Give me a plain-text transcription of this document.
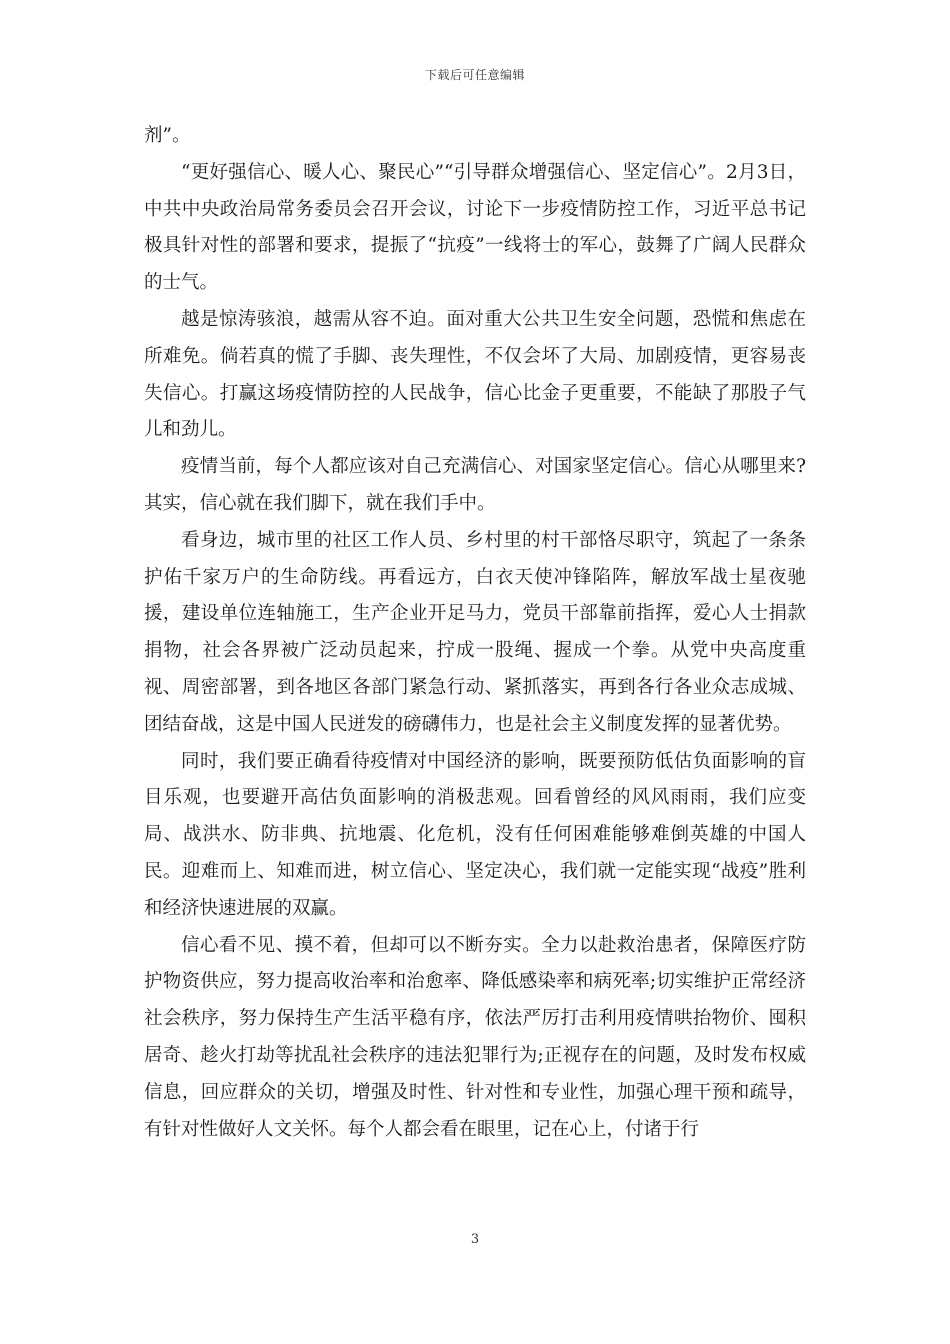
下载后可任意编辑

剂”。

“更好强信心、暖人心、聚民心”“引导群众增强信心、坚定信心”。2月3日，中共中央政治局常务委员会召开会议，讨论下一步疫情防控工作，习近平总书记极具针对性的部署和要求，提振了“抗疫”一线将士的军心，鼓舞了广阔人民群众的士气。

越是惊涛骇浪，越需从容不迫。面对重大公共卫生安全问题，恐慌和焦虑在所难免。倘若真的慌了手脚、丧失理性，不仅会坏了大局、加剧疫情，更容易丧失信心。打赢这场疫情防控的人民战争，信心比金子更重要，不能缺了那股子气儿和劲儿。

疫情当前，每个人都应该对自己充满信心、对国家坚定信心。信心从哪里来?其实，信心就在我们脚下，就在我们手中。

看身边，城市里的社区工作人员、乡村里的村干部恪尽职守，筑起了一条条护佑千家万户的生命防线。再看远方，白衣天使冲锋陷阵，解放军战士星夜驰援，建设单位连轴施工，生产企业开足马力，党员干部靠前指挥，爱心人士捐款捐物，社会各界被广泛动员起来，拧成一股绳、握成一个拳。从党中央高度重视、周密部署，到各地区各部门紧急行动、紧抓落实，再到各行各业众志成城、团结奋战，这是中国人民迸发的磅礴伟力，也是社会主义制度发挥的显著优势。

同时，我们要正确看待疫情对中国经济的影响，既要预防低估负面影响的盲目乐观，也要避开高估负面影响的消极悲观。回看曾经的风风雨雨，我们应变局、战洪水、防非典、抗地震、化危机，没有任何困难能够难倒英雄的中国人民。迎难而上、知难而进，树立信心、坚定决心，我们就一定能实现“战疫”胜利和经济快速进展的双赢。

信心看不见、摸不着，但却可以不断夯实。全力以赴救治患者，保障医疗防护物资供应，努力提高收治率和治愈率、降低感染率和病死率;切实维护正常经济社会秩序，努力保持生产生活平稳有序，依法严厉打击利用疫情哄抬物价、囤积居奇、趁火打劫等扰乱社会秩序的违法犯罪行为;正视存在的问题，及时发布权威信息，回应群众的关切，增强及时性、针对性和专业性，加强心理干预和疏导，有针对性做好人文关怀。每个人都会看在眼里，记在心上，付诸于行

3
